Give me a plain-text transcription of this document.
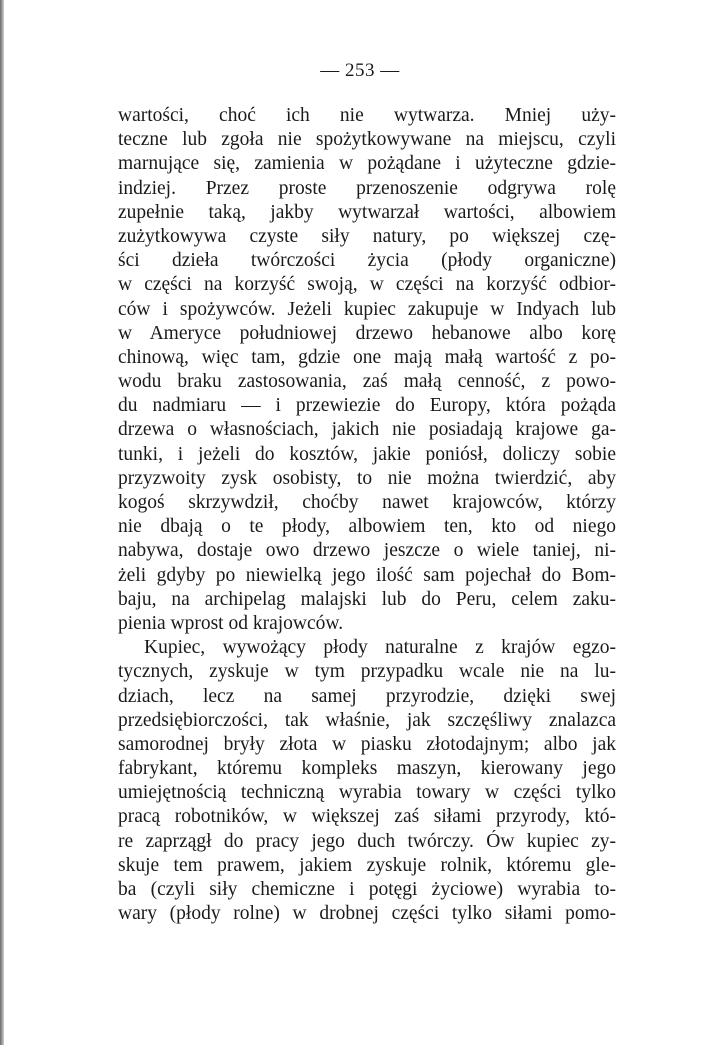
— 253 —
wartości, choć ich nie wytwarza. Mniej uży-
teczne lub zgoła nie spożytkowywane na miejscu, czyli
marnujące się, zamienia w pożądane i użyteczne gdzie-
indziej. Przez proste przenoszenie odgrywa rolę
zupełnie taką, jakby wytwarzał wartości, albowiem
zużytkowywa czyste siły natury, po większej czę-
ści dzieła twórczości życia (płody organiczne)
w części na korzyść swoją, w części na korzyść odbior-
ców i spożywców. Jeżeli kupiec zakupuje w Indyach lub
w Ameryce południowej drzewo hebanowe albo korę
chinową, więc tam, gdzie one mają małą wartość z po-
wodu braku zastosowania, zaś małą cenność, z powo-
du nadmiaru — i przewiezie do Europy, która pożąda
drzewa o własnościach, jakich nie posiadają krajowe ga-
tunki, i jeżeli do kosztów, jakie poniósł, doliczy sobie
przyzwoity zysk osobisty, to nie można twierdzić, aby
kogoś skrzywdził, choćby nawet krajowców, którzy
nie dbają o te płody, albowiem ten, kto od niego
nabywa, dostaje owo drzewo jeszcze o wiele taniej, ni-
żeli gdyby po niewielką jego ilość sam pojechał do Bom-
baju, na archipelag malajski lub do Peru, celem zaku-
pienia wprost od krajowców.
Kupiec, wywożący płody naturalne z krajów egzo-
tycznych, zyskuje w tym przypadku wcale nie na lu-
dziach, lecz na samej przyrodzie, dzięki swej
przedsiębiorczości, tak właśnie, jak szczęśliwy znalazca
samorodnej bryły złota w piasku złotodajnym; albo jak
fabrykant, któremu kompleks maszyn, kierowany jego
umiejętnością techniczną wyrabia towary w części tylko
pracą robotników, w większej zaś siłami przyrody, któ-
re zaprzągł do pracy jego duch twórczy. Ów kupiec zy-
skuje tem prawem, jakiem zyskuje rolnik, któremu gle-
ba (czyli siły chemiczne i potęgi życiowe) wyrabia to-
wary (płody rolne) w drobnej części tylko siłami pomo-
